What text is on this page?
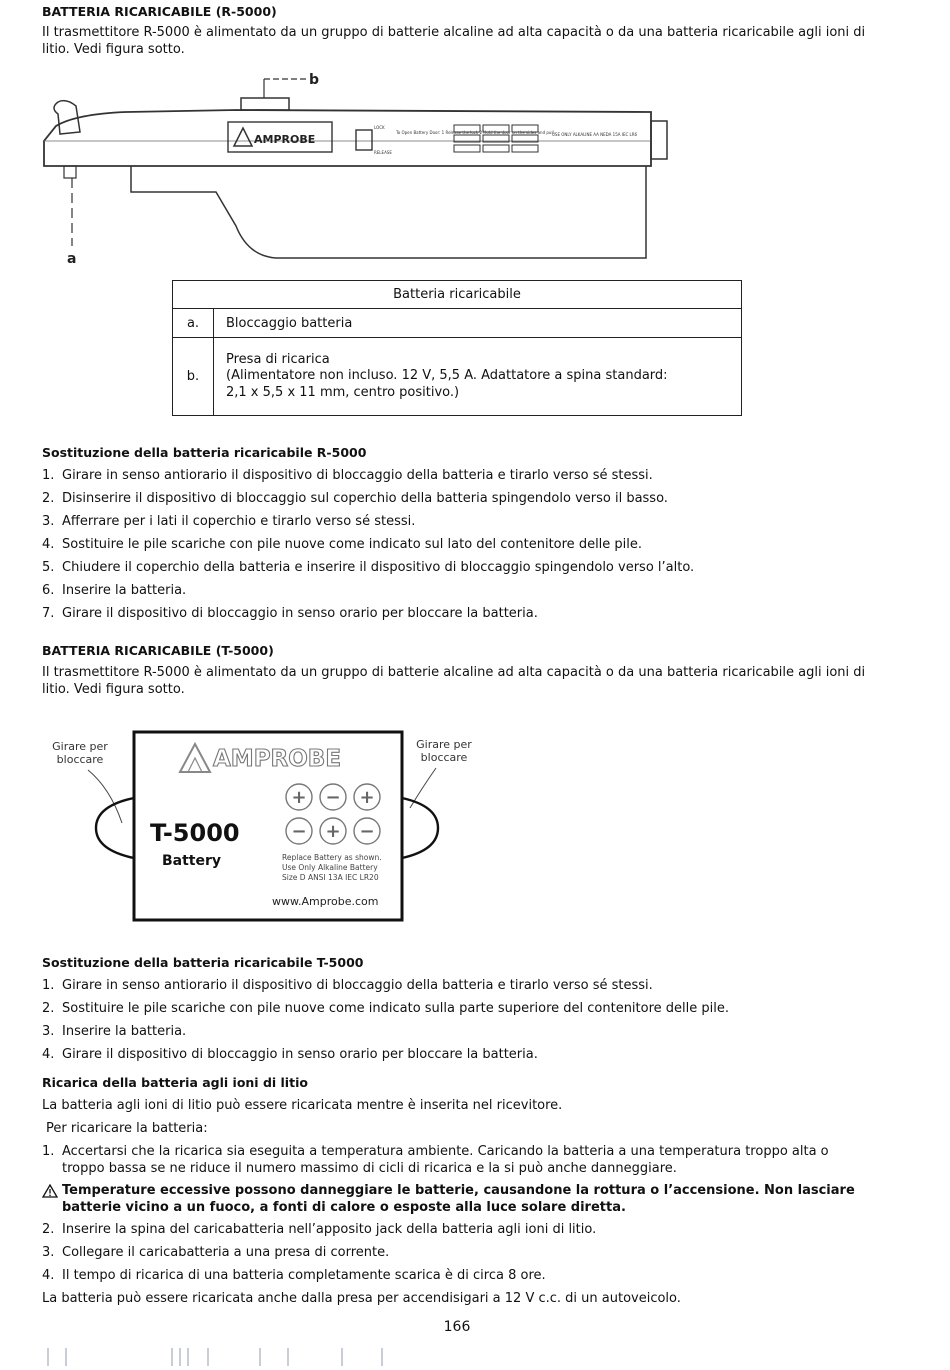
BATTERIA RICARICABILE (R-5000)
Il trasmettitore R-5000 è alimentato da un gruppo di batterie alcaline ad alta capacità o da una batteria ricaricabile agli ioni di litio. Vedi figura sotto.
b
a
AMPROBE
LOCK
RELEASE
To Open Battery Door: 1 Release the lock 2 Hold the door on the sides and pull
USE ONLY ALKALINE AA NEDA 15A IEC LR6
Batteria ricaricabile	
a.	Bloccaggio batteria
b.	Presa di ricarica
(Alimentatore non incluso. 12 V, 5,5 A. Adattatore a spina standard:
2,1 x 5,5 x 11 mm, centro positivo.)
Sostituzione della batteria ricaricabile R-5000
1. Girare in senso antiorario il dispositivo di bloccaggio della batteria e tirarlo verso sé stessi.
2. Disinserire il dispositivo di bloccaggio sul coperchio della batteria spingendolo verso il basso.
3. Afferrare per i lati il coperchio e tirarlo verso sé stessi.
4. Sostituire le pile scariche con pile nuove come indicato sul lato del contenitore delle pile.
5. Chiudere il coperchio della batteria e inserire il dispositivo di bloccaggio spingendolo verso l’alto.
6. Inserire la batteria.
7. Girare il dispositivo di bloccaggio in senso orario per bloccare la batteria.
BATTERIA RICARICABILE (T-5000)
Il trasmettitore R-5000 è alimentato da un gruppo di batterie alcaline ad alta capacità o da una batteria ricaricabile agli ioni di litio. Vedi figura sotto.
Girare per
bloccare
Girare per
bloccare
AMPROBE
T-5000
Battery
+ − +
− + −
Replace Battery as shown.
Use Only Alkaline Battery
Size D ANSI 13A IEC LR20
www.Amprobe.com
Sostituzione della batteria ricaricabile T-5000
1. Girare in senso antiorario il dispositivo di bloccaggio della batteria e tirarlo verso sé stessi.
2. Sostituire le pile scariche con pile nuove come indicato sulla parte superiore del contenitore delle pile.
3. Inserire la batteria.
4. Girare il dispositivo di bloccaggio in senso orario per bloccare la batteria.
Ricarica della batteria agli ioni di litio
La batteria agli ioni di litio può essere ricaricata mentre è inserita nel ricevitore.
Per ricaricare la batteria:
1. Accertarsi che la ricarica sia eseguita a temperatura ambiente. Caricando la batteria a una temperatura troppo alta o troppo bassa se ne riduce il numero massimo di cicli di ricarica e la si può anche danneggiare.
Temperature eccessive possono danneggiare le batterie, causandone la rottura o l’accensione. Non lasciare batterie vicino a un fuoco, a fonti di calore o esposte alla luce solare diretta.
2. Inserire la spina del caricabatteria nell’apposito jack della batteria agli ioni di litio.
3. Collegare il caricabatteria a una presa di corrente.
4. Il tempo di ricarica di una batteria completamente scarica è di circa 8 ore.
La batteria può essere ricaricata anche dalla presa per accendisigari a 12 V c.c. di un autoveicolo.
166
